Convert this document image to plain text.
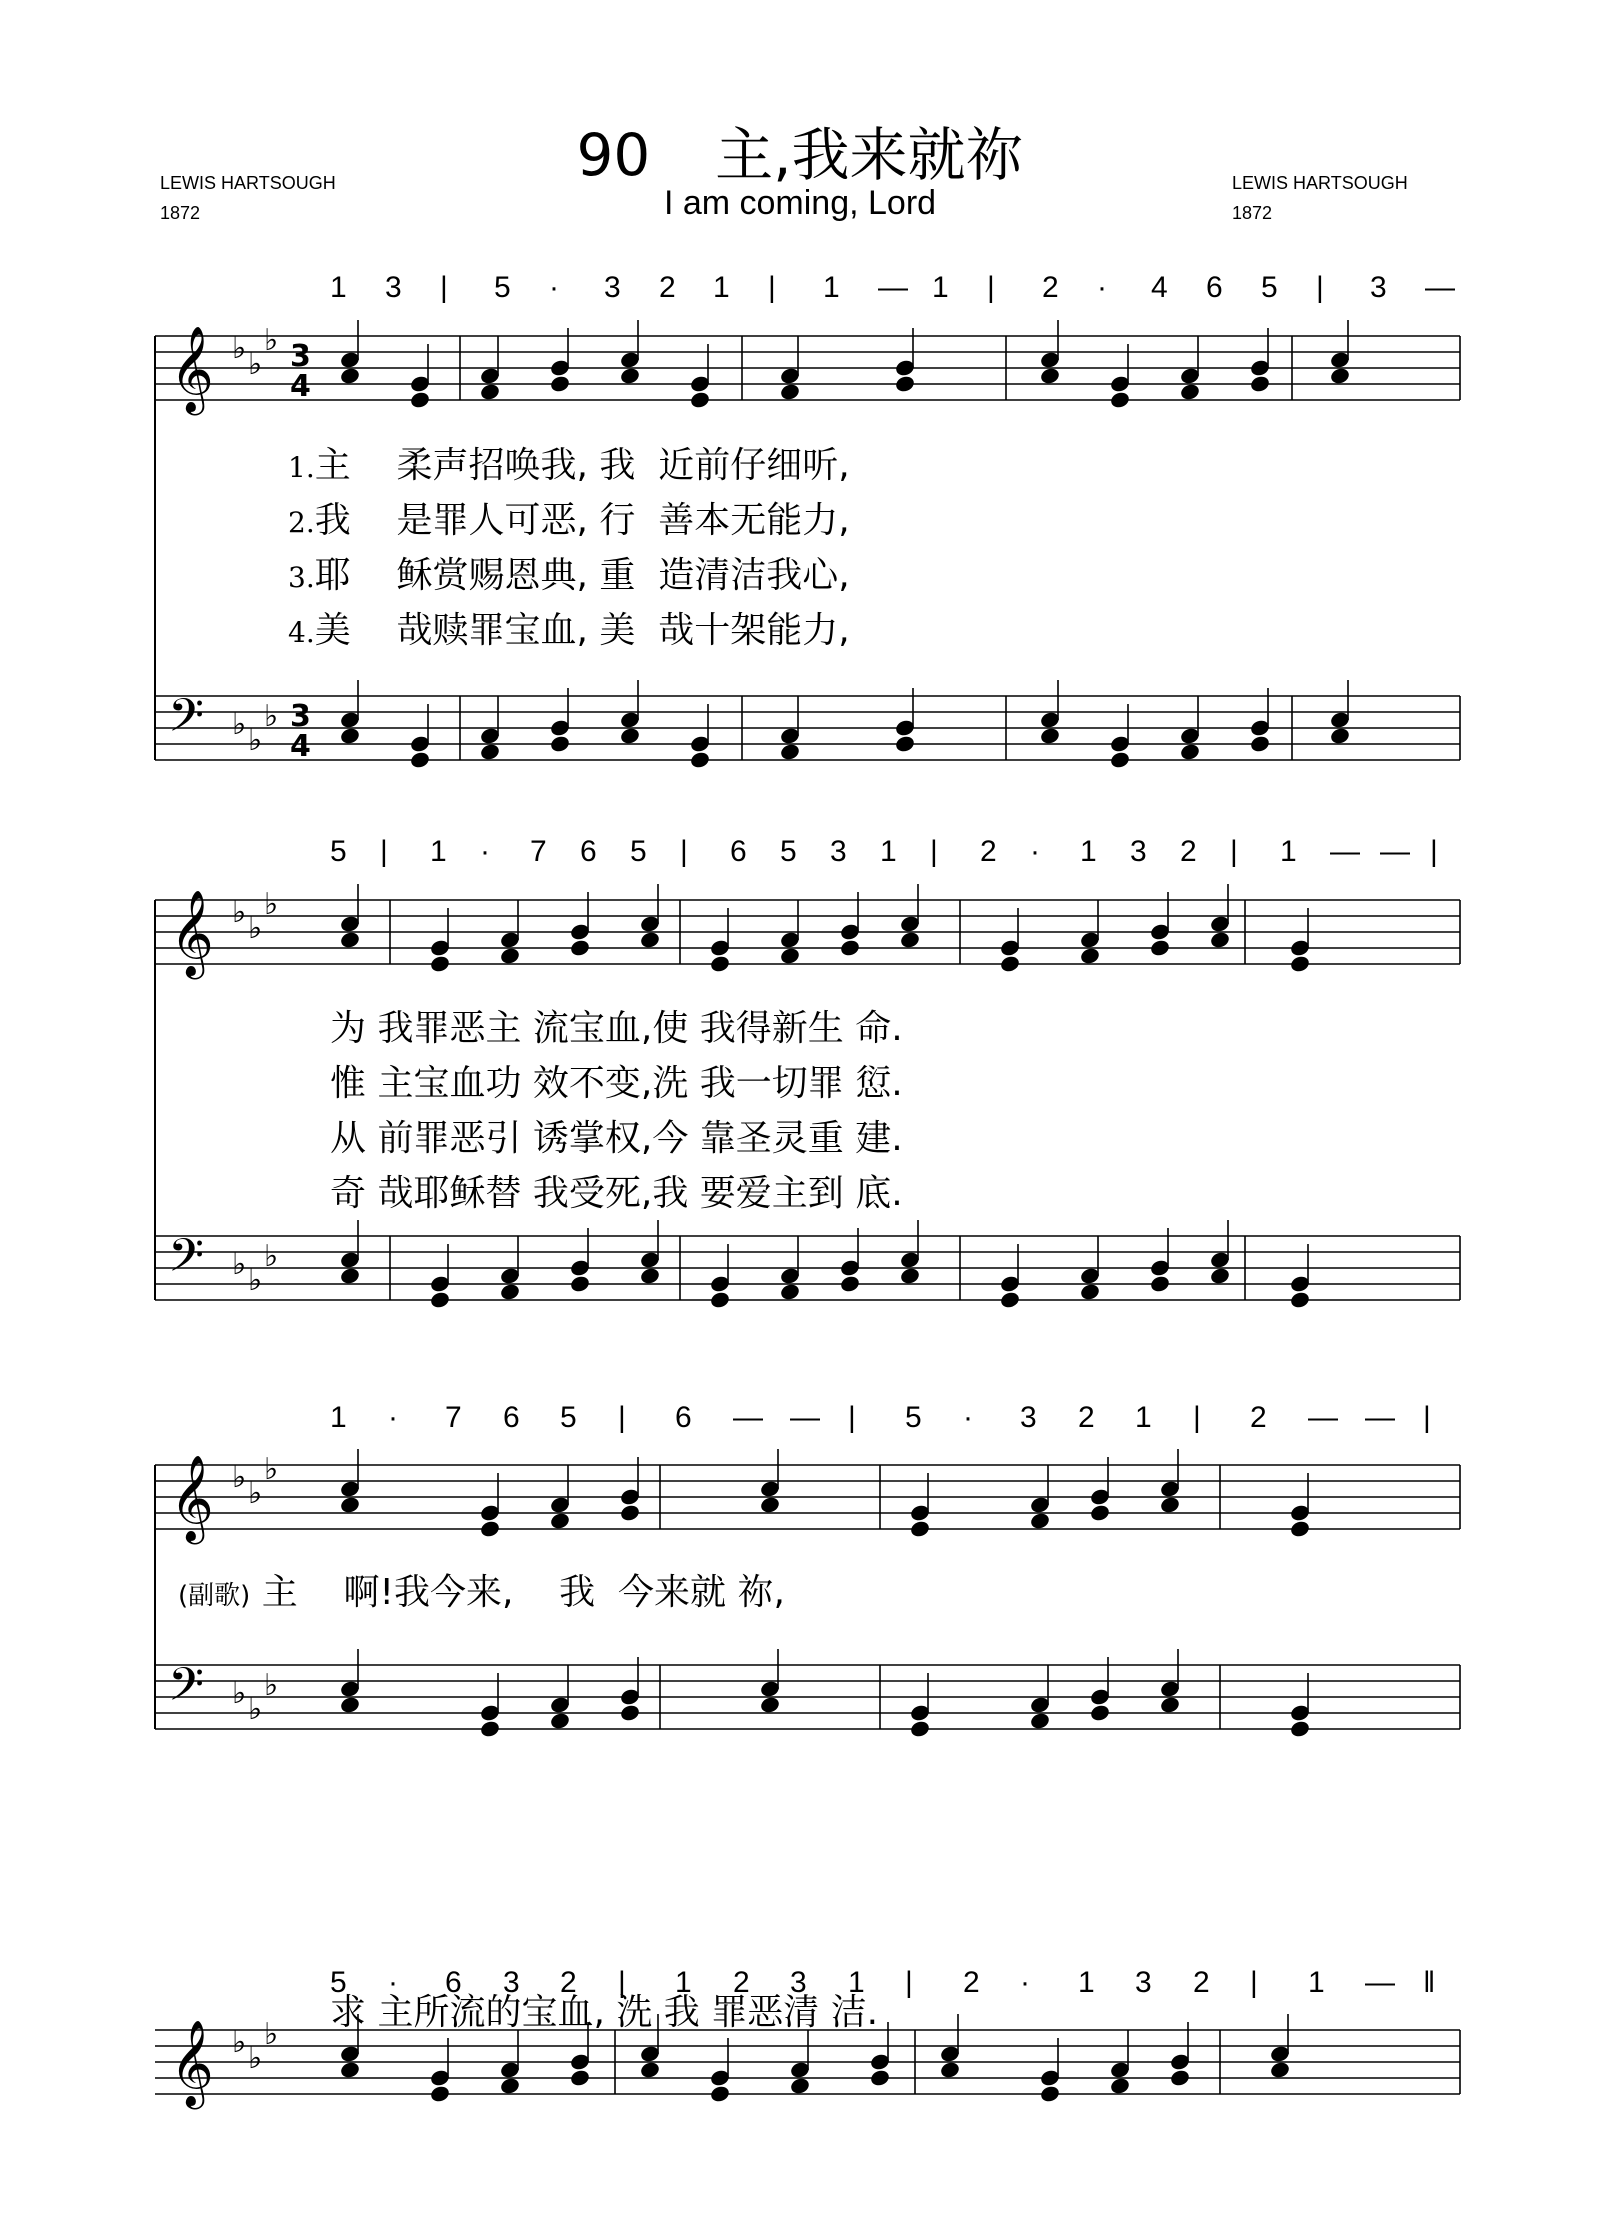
90 主,我来就祢
I am coming, Lord
LEWIS HARTSOUGH
1872
LEWIS HARTSOUGH
1872
1 3 | 5 · 3 2 1 | 1 — 1 | 2 · 4 6 5 | 3 —
5 | 1 · 7 6 5 | 6 5 3 1 | 2 · 1 3 2 | 1 — — |
1 · 7 6 5 | 6 — — | 5 · 3 2 1 | 2 — — |
5 · 6 3 2 | 1 2 3 1 | 2 · 1 3 2 | 1 — ‖
𝄞 ♭ ♭
♭
𝄢 ♭ ♭
♭
3
4
3
4
𝄞 ♭ ♭
♭
𝄢 ♭ ♭
♭
𝄞 ♭ ♭
♭
𝄢 ♭ ♭
♭
𝄞 ♭ ♭
♭
1.主    柔声招唤我, 我  近前仔细听,
2.我    是罪人可恶, 行  善本无能力,
3.耶    稣赏赐恩典, 重  造清洁我心,
4.美    哉赎罪宝血, 美  哉十架能力,
为 我罪恶主 流宝血,使 我得新生 命.
惟 主宝血功 效不变,洗 我一切罪 愆.
从 前罪恶引 诱掌权,今 靠圣灵重 建.
奇 哉耶稣替 我受死,我 要爱主到 底.
(副歌) 主    啊!我今来,    我  今来就 祢,
求 主所流的宝血, 洗 我 罪恶清 洁.
